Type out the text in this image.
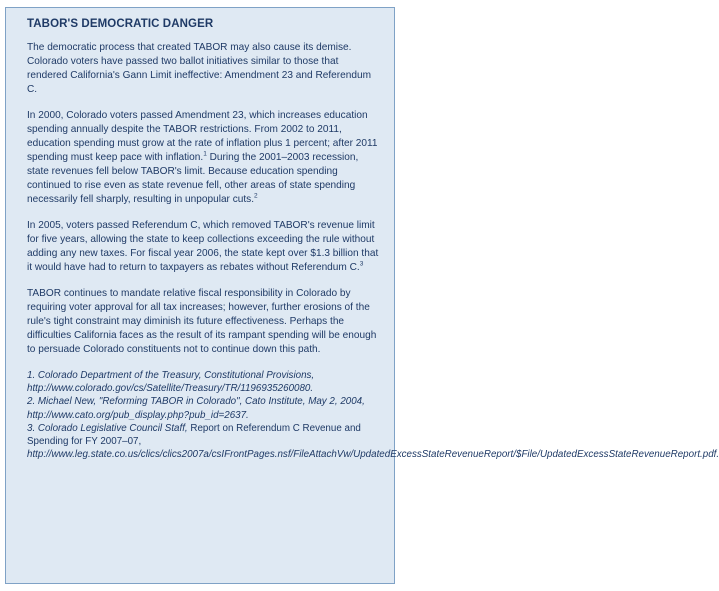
TABOR'S DEMOCRATIC DANGER

The democratic process that created TABOR may also cause its demise. Colorado voters have passed two ballot initiatives similar to those that rendered California's Gann Limit ineffective: Amendment 23 and Referendum C.

In 2000, Colorado voters passed Amendment 23, which increases education spending annually despite the TABOR restrictions. From 2002 to 2011, education spending must grow at the rate of inflation plus 1 percent; after 2011 spending must keep pace with inflation.$^1$ During the 2001–2003 recession, state revenues fell below TABOR's limit. Because education spending continued to rise even as state revenue fell, other areas of state spending necessarily fell sharply, resulting in unpopular cuts.$^2$

In 2005, voters passed Referendum C, which removed TABOR's revenue limit for five years, allowing the state to keep collections exceeding the rule without adding any new taxes. For fiscal year 2006, the state kept over $1.3 billion that it would have had to return to taxpayers as rebates without Referendum C.$^3$

TABOR continues to mandate relative fiscal responsibility in Colorado by requiring voter approval for all tax increases; however, further erosions of the rule's tight constraint may diminish its future effectiveness. Perhaps the difficulties California faces as the result of its rampant spending will be enough to persuade Colorado constituents not to continue down this path.

1. Colorado Department of the Treasury, Constitutional Provisions, http://www.colorado.gov/cs/Satellite/Treasury/TR/1196935260080.

2. Michael New, "Reforming TABOR in Colorado", Cato Institute, May 2, 2004, http://www.cato.org/pub_display.php?pub_id=2637.

3. Colorado Legislative Council Staff, Report on Referendum C Revenue and Spending for FY 2007–07, http://www.leg.state.co.us/clics/clics2007a/csIFrontPages.nsf/FileAttachVw/UpdatedExcessStateRevenueReport/$File/UpdatedExcessStateRevenueReport.pdf.
